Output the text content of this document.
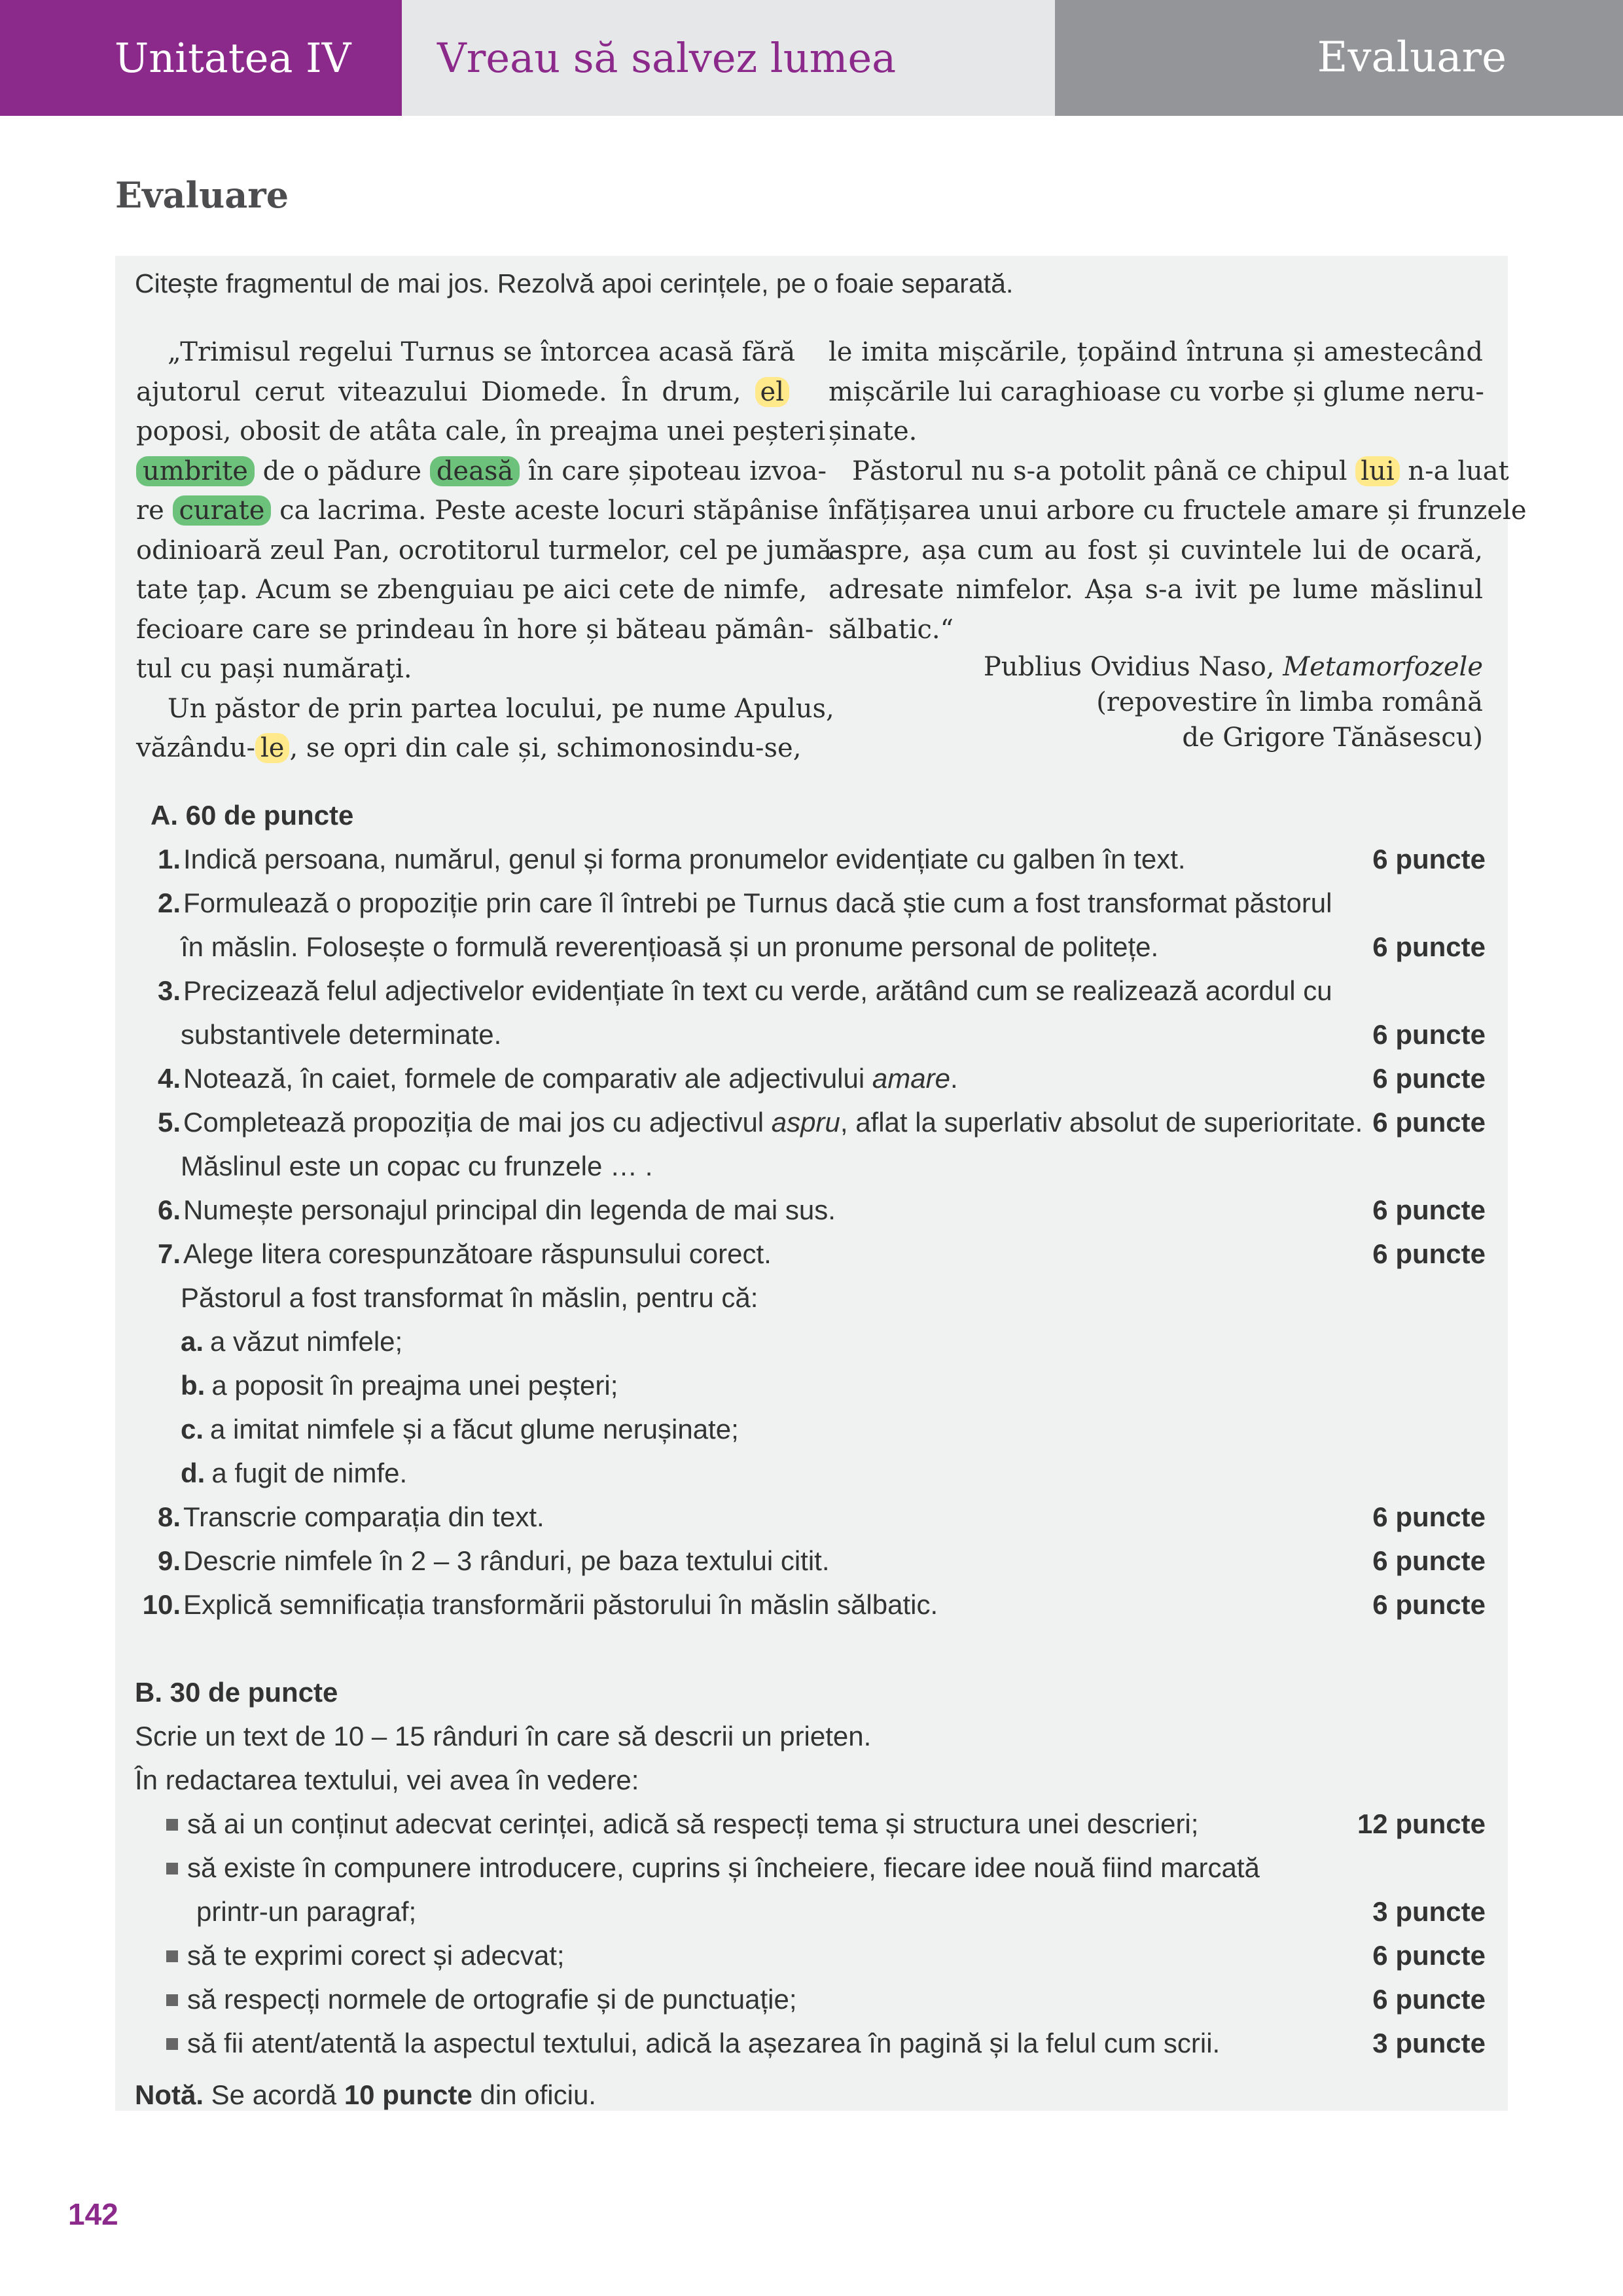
Unitatea IV	Vreau să salvez lumea	Evaluare
Evaluare
Citește fragmentul de mai jos. Rezolvă apoi cerințele, pe o foaie separată.
„Trimisul regelui Turnus se întorcea acasă fără
ajutorul cerut viteazului Diomede. În drum, el
poposi, obosit de atâta cale, în preajma unei peșteri
umbrite de o pădure deasă în care șipoteau izvoa-
re curate ca lacrima. Peste aceste locuri stăpânise
odinioară zeul Pan, ocrotitorul turmelor, cel pe jumă-
tate țap. Acum se zbenguiau pe aici cete de nimfe,
fecioare care se prindeau în hore și băteau pămân-
tul cu pași număraţi.
Un păstor de prin partea locului, pe nume Apulus,
văzându- le , se opri din cale și, schimonosindu-se,
le imita mișcările, țopăind întruna și amestecând
mișcările lui caraghioase cu vorbe și glume neru-
șinate.
Păstorul nu s-a potolit până ce chipul lui n-a luat
înfățișarea unui arbore cu fructele amare și frunzele
aspre, așa cum au fost și cuvintele lui de ocară,
adresate nimfelor. Așa s-a ivit pe lume măslinul
sălbatic.“
Publius Ovidius Naso, Metamorfozele
(repovestire în limba română
de Grigore Tănăsescu)
A. 60 de puncte
1.Indică persoana, numărul, genul și forma pronumelor evidențiate cu galben în text.	6 puncte
2.Formulează o propoziție prin care îl întrebi pe Turnus dacă știe cum a fost transformat păstorul
în măslin. Folosește o formulă reverențioasă și un pronume personal de politețe.	6 puncte
3.Precizează felul adjectivelor evidențiate în text cu verde, arătând cum se realizează acordul cu
substantivele determinate.	6 puncte
4.Notează, în caiet, formele de comparativ ale adjectivului amare.	6 puncte
5.Completează propoziția de mai jos cu adjectivul aspru, aflat la superlativ absolut de superioritate. 6 puncte
Măslinul este un copac cu frunzele … .
6.Numește personajul principal din legenda de mai sus.	6 puncte
7.Alege litera corespunzătoare răspunsului corect.	6 puncte
Păstorul a fost transformat în măslin, pentru că:
a. a văzut nimfele;
b. a poposit în preajma unei peșteri;
c. a imitat nimfele și a făcut glume nerușinate;
d. a fugit de nimfe.
8.Transcrie comparația din text.	6 puncte
9.Descrie nimfele în 2 – 3 rânduri, pe baza textului citit.	6 puncte
10.Explică semnificația transformării păstorului în măslin sălbatic.	6 puncte
B. 30 de puncte
Scrie un text de 10 – 15 rânduri în care să descrii un prieten.
În redactarea textului, vei avea în vedere:
să ai un conținut adecvat cerinței, adică să respecți tema și structura unei descrieri;	12 puncte
să existe în compunere introducere, cuprins și încheiere, fiecare idee nouă fiind marcată
printr-un paragraf;	3 puncte
să te exprimi corect și adecvat;	6 puncte
să respecți normele de ortografie și de punctuație;	6 puncte
să fii atent/atentă la aspectul textului, adică la așezarea în pagină și la felul cum scrii.	3 puncte
Notă. Se acordă 10 puncte din oficiu.
142
